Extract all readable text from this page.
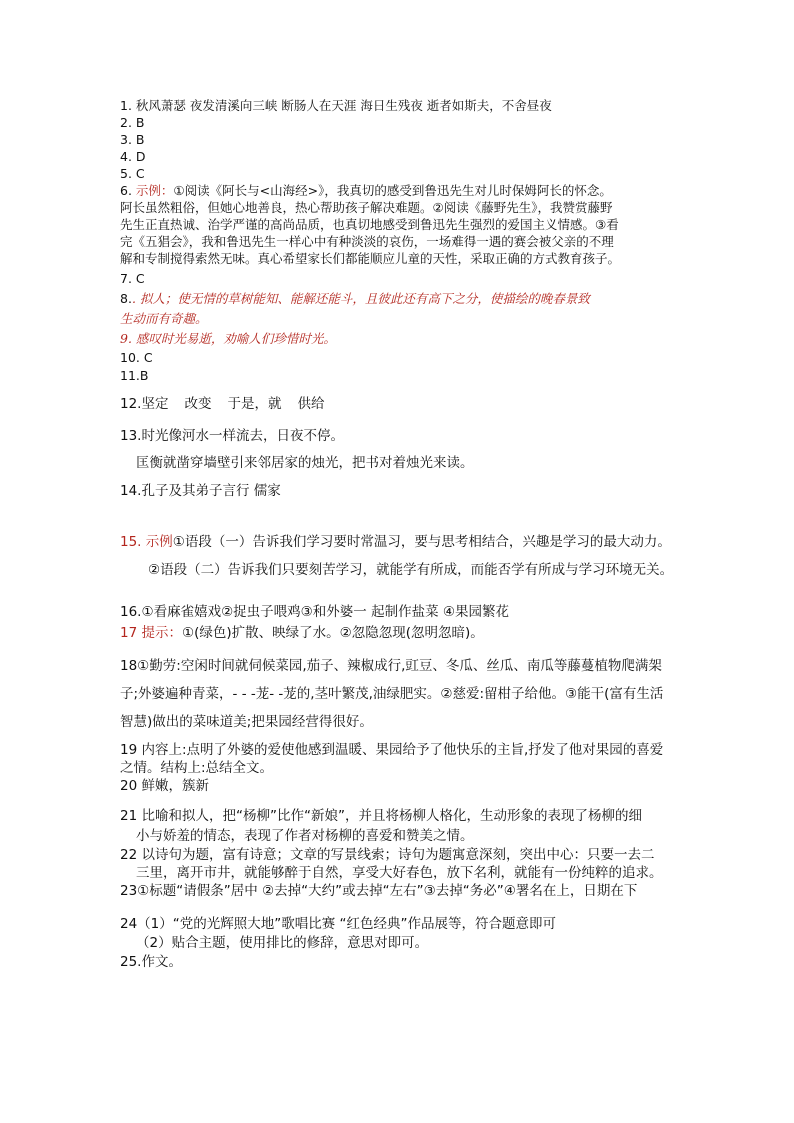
1. 秋风萧瑟 夜发清溪向三峡 断肠人在天涯 海日生残夜 逝者如斯夫，不舍昼夜
2. B
3. B
4. D
5. C
6. 示例：①阅读《阿长与<山海经>》，我真切的感受到鲁迅先生对儿时保姆阿长的怀念。
阿长虽然粗俗，但她心地善良，热心帮助孩子解决难题。②阅读《藤野先生》，我赞赏藤野
先生正直热诚、治学严谨的高尚品质，也真切地感受到鲁迅先生强烈的爱国主义情感。③看
完《五猖会》，我和鲁迅先生一样心中有种淡淡的哀伤，一场难得一遇的赛会被父亲的不理
解和专制搅得索然无味。真心希望家长们都能顺应儿童的天性，采取正确的方式教育孩子。
7. C
8.. 拟人；使无情的草树能知、能解还能斗，且彼此还有高下之分，使描绘的晚春景致
生动而有奇趣。
9. 感叹时光易逝，劝喻人们珍惜时光。
10. C
11.B
12.坚定 改变 于是，就 供给
13.时光像河水一样流去，日夜不停。
匡衡就凿穿墙壁引来邻居家的烛光，把书对着烛光来读。
14.孔子及其弟子言行 儒家
15. 示例①语段（一）告诉我们学习要时常温习，要与思考相结合，兴趣是学习的最大动力。
②语段（二）告诉我们只要刻苦学习，就能学有所成，而能否学有所成与学习环境无关。
16.①看麻雀嬉戏②捉虫子喂鸡③和外婆一 起制作盐菜 ④果园繁花
17 提示：①(绿色)扩散、映绿了水。②忽隐忽现(忽明忽暗)。
18①勤劳:空闲时间就伺候菜园,茄子、辣椒成行,豇豆、冬瓜、丝瓜、南瓜等藤蔓植物爬满架
子;外婆遍种青菜，- - -茏- -茏的,茎叶繁茂,油绿肥实。②慈爱:留柑子给他。③能干(富有生活
智慧)做出的菜味道美;把果园经营得很好。
19 内容上:点明了外婆的爱使他感到温暖、果园给予了他快乐的主旨,抒发了他对果园的喜爱
之情。结构上:总结全文。
20 鲜嫩，簇新
21 比喻和拟人，把“杨柳”比作“新娘”，并且将杨柳人格化，生动形象的表现了杨柳的细
小与娇羞的情态，表现了作者对杨柳的喜爱和赞美之情。
22 以诗句为题，富有诗意；文章的写景线索；诗句为题寓意深刻，突出中心：只要一去二
三里，离开市井，就能够醉于自然，享受大好春色，放下名利，就能有一份纯粹的追求。
23①标题“请假条”居中 ②去掉“大约”或去掉“左右”③去掉“务必”④署名在上，日期在下
24（1）“党的光辉照大地”歌唱比赛 “红色经典”作品展等，符合题意即可
（2）贴合主题，使用排比的修辞，意思对即可。
25.作文。
